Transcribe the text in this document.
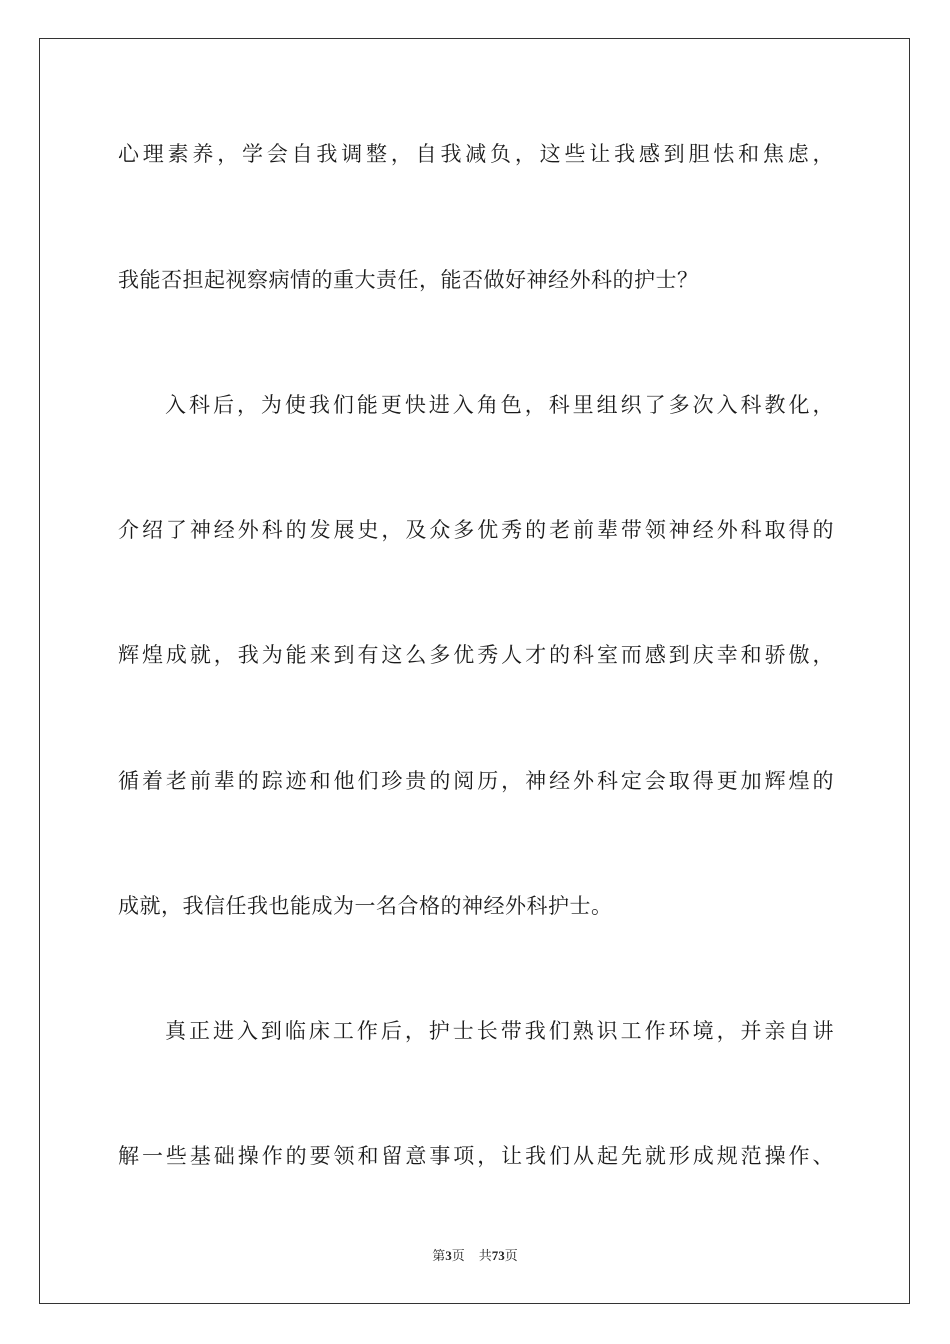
心理素养，学会自我调整，自我减负，这些让我感到胆怯和焦虑，
我能否担起视察病情的重大责任，能否做好神经外科的护士？
入科后，为使我们能更快进入角色，科里组织了多次入科教化，
介绍了神经外科的发展史，及众多优秀的老前辈带领神经外科取得的
辉煌成就，我为能来到有这么多优秀人才的科室而感到庆幸和骄傲，
循着老前辈的踪迹和他们珍贵的阅历，神经外科定会取得更加辉煌的
成就，我信任我也能成为一名合格的神经外科护士。
真正进入到临床工作后，护士长带我们熟识工作环境，并亲自讲
解一些基础操作的要领和留意事项，让我们从起先就形成规范操作、
第3页 共73页
